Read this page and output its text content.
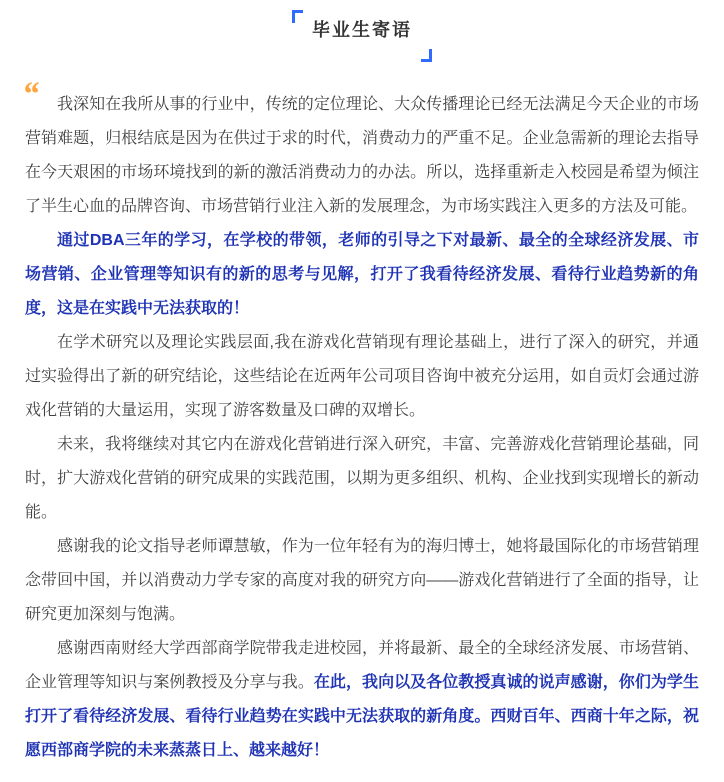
毕业生寄语
“	我深知在我所从事的行业中，传统的定位理论、大众传播理论已经无法满足今天企业的市场营销难题，归根结底是因为在供过于求的时代，消费动力的严重不足。企业急需新的理论去指导在今天艰困的市场环境找到的新的激活消费动力的办法。所以，选择重新走入校园是希望为倾注了半生心血的品牌咨询、市场营销行业注入新的发展理念，为市场实践注入更多的方法及可能。

通过DBA三年的学习，在学校的带领，老师的引导之下对最新、最全的全球经济发展、市场营销、企业管理等知识有的新的思考与见解，打开了我看待经济发展、看待行业趋势新的角度，这是在实践中无法获取的！

在学术研究以及理论实践层面,我在游戏化营销现有理论基础上，进行了深入的研究，并通过实验得出了新的研究结论，这些结论在近两年公司项目咨询中被充分运用，如自贡灯会通过游戏化营销的大量运用，实现了游客数量及口碑的双增长。

未来，我将继续对其它内在游戏化营销进行深入研究，丰富、完善游戏化营销理论基础，同时，扩大游戏化营销的研究成果的实践范围，以期为更多组织、机构、企业找到实现增长的新动能。

感谢我的论文指导老师谭慧敏，作为一位年轻有为的海归博士，她将最国际化的市场营销理念带回中国，并以消费动力学专家的高度对我的研究方向——游戏化营销进行了全面的指导，让研究更加深刻与饱满。

感谢西南财经大学西部商学院带我走进校园，并将最新、最全的全球经济发展、市场营销、企业管理等知识与案例教授及分享与我。在此，我向以及各位教授真诚的说声感谢，你们为学生打开了看待经济发展、看待行业趋势在实践中无法获取的新角度。西财百年、西商十年之际，祝愿西部商学院的未来蒸蒸日上、越来越好！
